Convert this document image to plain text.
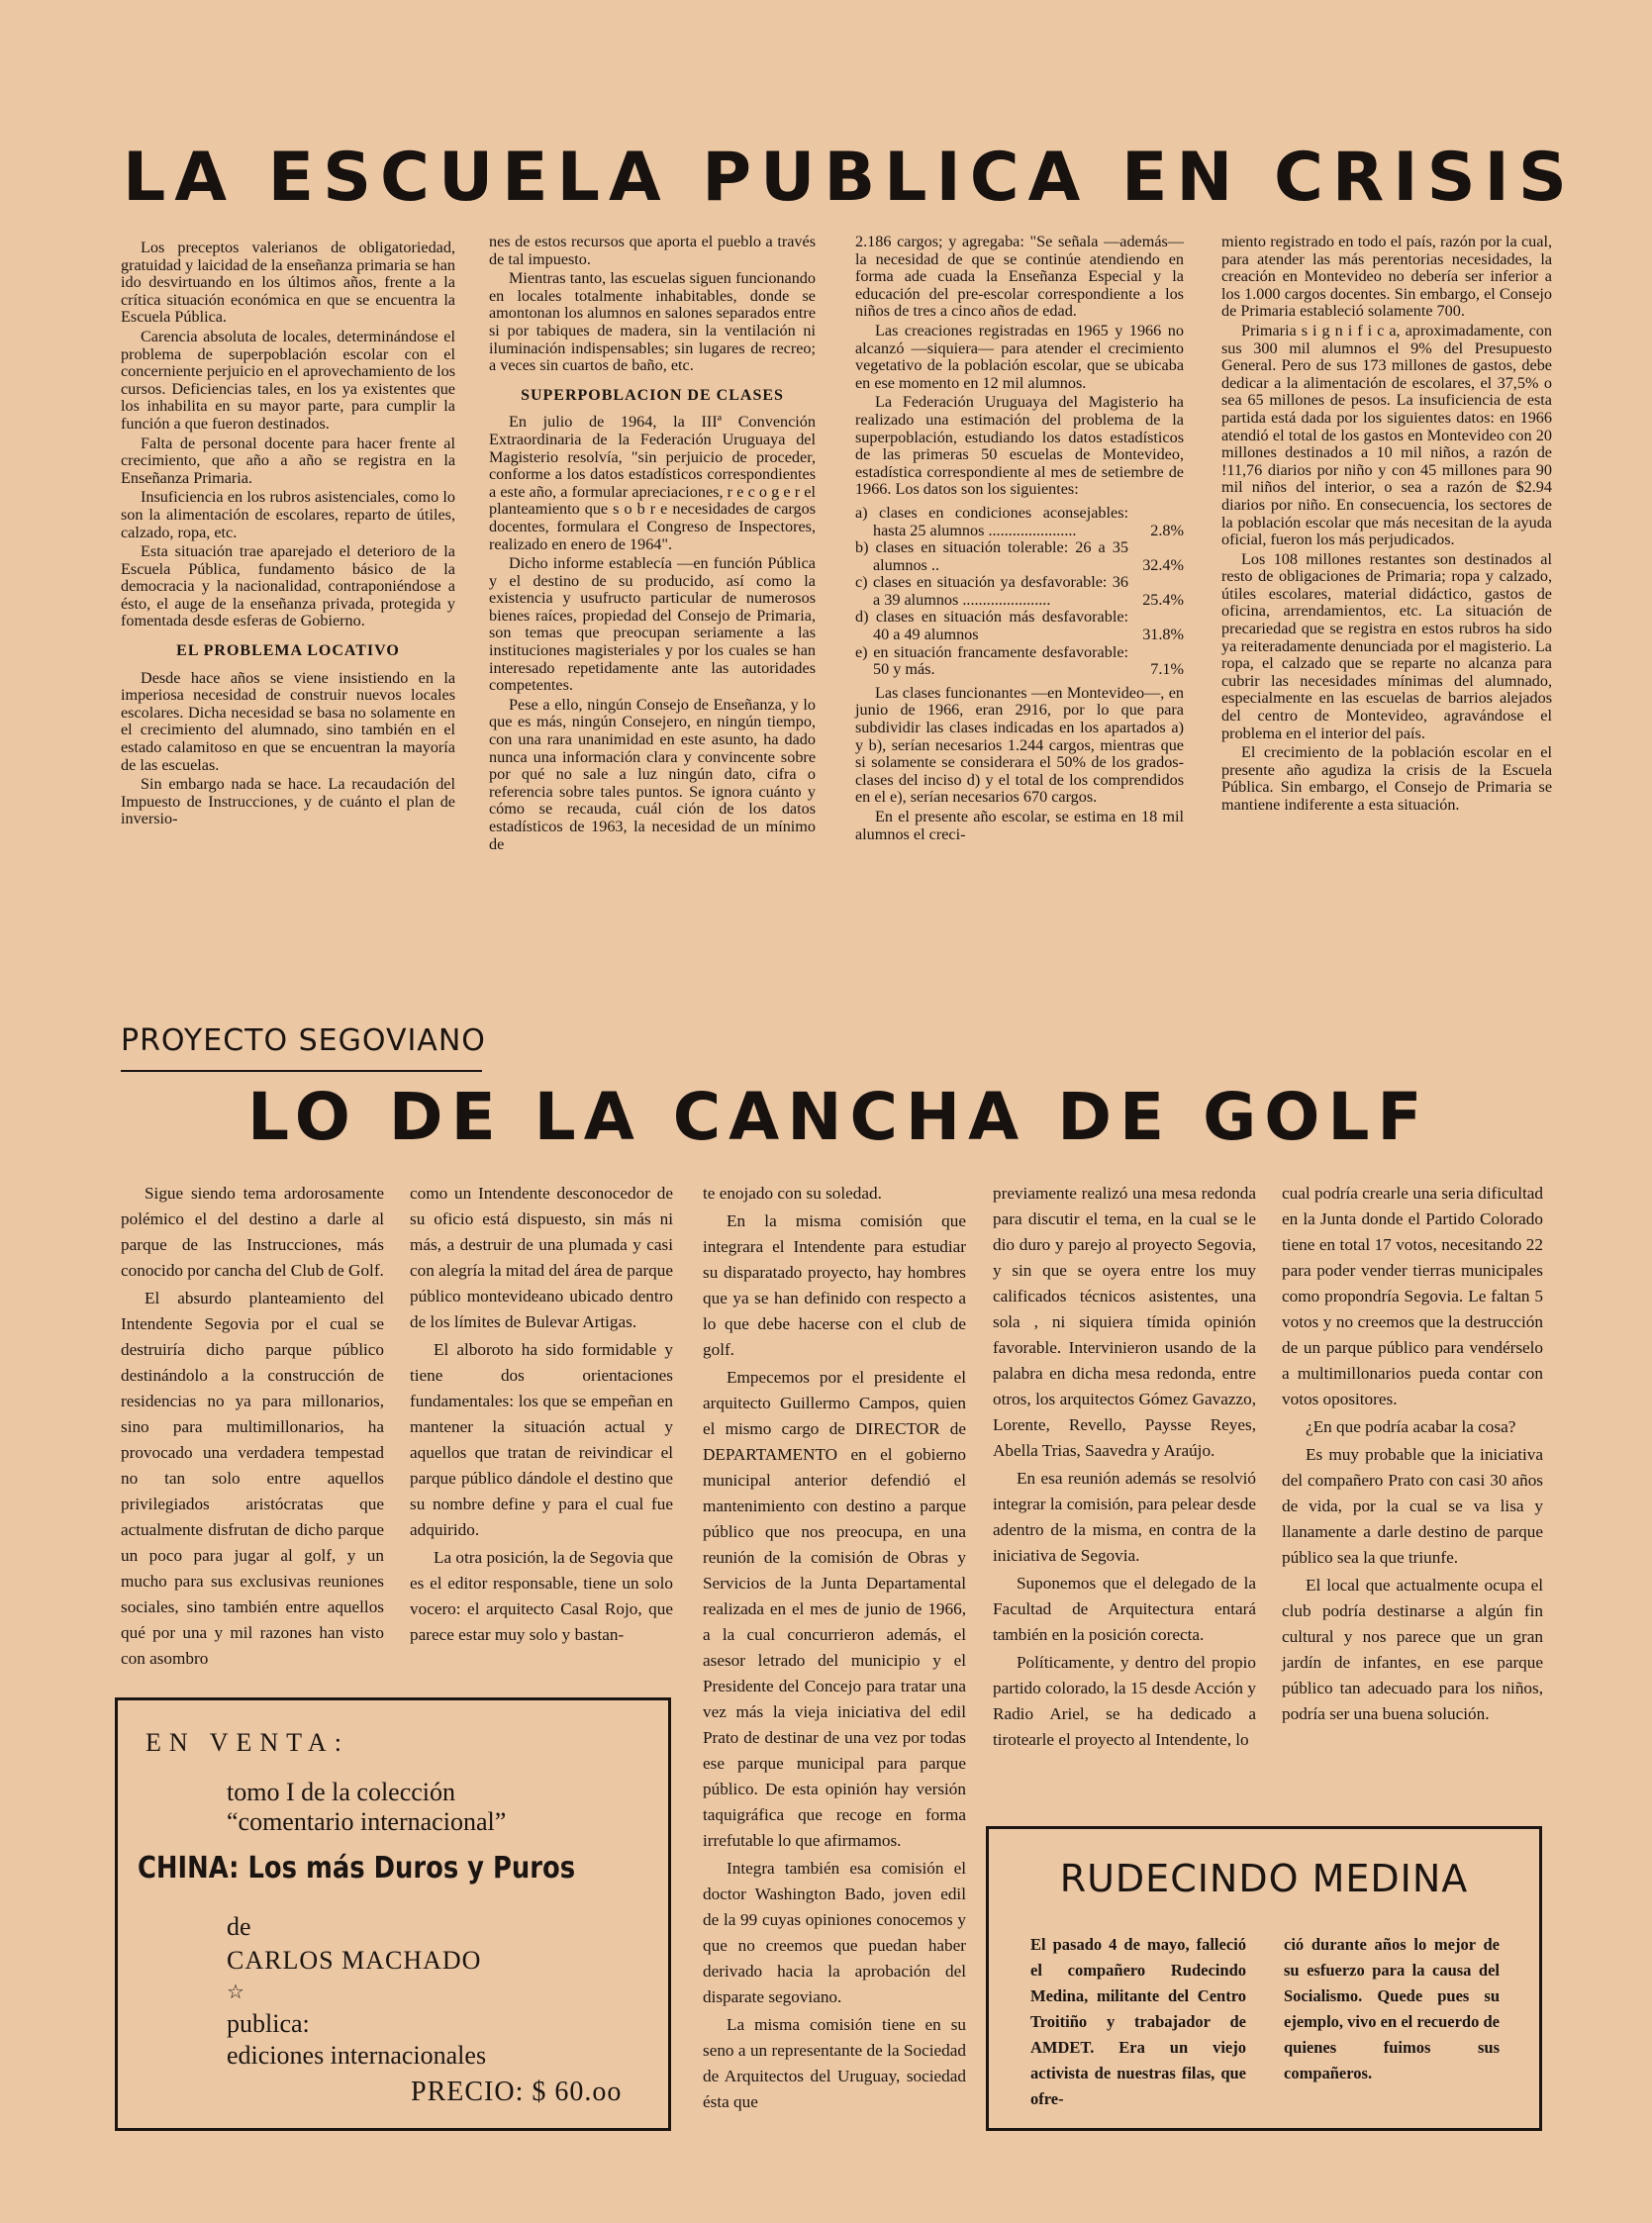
LA ESCUELA PUBLICA EN CRISIS

Los preceptos valerianos de obligatoriedad, gratuidad y laicidad de la enseñanza primaria se han ido desvirtuando en los últimos años, frente a la crítica situación económica en que se encuentra la Escuela Pública.

Carencia absoluta de locales, determinándose el problema de superpoblación escolar con el concerniente perjuicio en el aprovechamiento de los cursos. Deficiencias tales, en los ya existentes que los inhabilita en su mayor parte, para cumplir la función a que fueron destinados.

Falta de personal docente para hacer frente al crecimiento, que año a año se registra en la Enseñanza Primaria.

Insuficiencia en los rubros asistenciales, como lo son la alimentación de escolares, reparto de útiles, calzado, ropa, etc.

Esta situación trae aparejado el deterioro de la Escuela Pública, fundamento básico de la democracia y la nacionalidad, contraponiéndose a ésto, el auge de la enseñanza privada, protegida y fomentada desde esferas de Gobierno.

EL PROBLEMA LOCATIVO

Desde hace años se viene insistiendo en la imperiosa necesidad de construir nuevos locales escolares. Dicha necesidad se basa no solamente en el crecimiento del alumnado, sino también en el estado calamitoso en que se encuentran la mayoría de las escuelas.

Sin embargo nada se hace. La recaudación del Impuesto de Instrucciones, y de cuánto el plan de inversio-

nes de estos recursos que aporta el pueblo a través de tal impuesto.

Mientras tanto, las escuelas siguen funcionando en locales totalmente inhabitables, donde se amontonan los alumnos en salones separados entre si por tabiques de madera, sin la ventilación ni iluminación indispensables; sin lugares de recreo; a veces sin cuartos de baño, etc.

SUPERPOBLACION DE CLASES

En julio de 1964, la IIIª Convención Extraordinaria de la Federación Uruguaya del Magisterio resolvía, "sin perjuicio de proceder, conforme a los datos estadísticos correspondientes a este año, a formular apreciaciones, r e c o g e r el planteamiento que s o b r e necesidades de cargos docentes, formulara el Congreso de Inspectores, realizado en enero de 1964".

Dicho informe establecía —en función Pública y el destino de su producido, así como la existencia y usufructo particular de numerosos bienes raíces, propiedad del Consejo de Primaria, son temas que preocupan seriamente a las instituciones magisteriales y por los cuales se han interesado repetidamente ante las autoridades competentes.

Pese a ello, ningún Consejo de Enseñanza, y lo que es más, ningún Consejero, en ningún tiempo, con una rara unanimidad en este asunto, ha dado nunca una información clara y convincente sobre por qué no sale a luz ningún dato, cifra o referencia sobre tales puntos. Se ignora cuánto y cómo se recauda, cuál ción de los datos estadísticos de 1963, la necesidad de un mínimo de

2.186 cargos; y agregaba: "Se señala —además— la necesidad de que se continúe atendiendo en forma ade cuada la Enseñanza Especial y la educación del pre-escolar correspondiente a los niños de tres a cinco años de edad.

Las creaciones registradas en 1965 y 1966 no alcanzó —siquiera— para atender el crecimiento vegetativo de la población escolar, que se ubicaba en ese momento en 12 mil alumnos.

La Federación Uruguaya del Magisterio ha realizado una estimación del problema de la superpoblación, estudiando los datos estadísticos de las primeras 50 escuelas de Montevideo, estadística correspondiente al mes de setiembre de 1966. Los datos son los siguientes:

a) clases en condiciones aconsejables: hasta 25 alumnos ......................	2.8%
b) clases en situación tolerable: 26 a 35 alumnos ..	32.4%
c) clases en situación ya desfavorable: 36 a 39 alumnos ......................	25.4%
d) clases en situación más desfavorable: 40 a 49 alumnos	31.8%
e) en situación francamente desfavorable: 50 y más.	7.1%

Las clases funcionantes —en Montevideo—, en junio de 1966, eran 2916, por lo que para subdividir las clases indicadas en los apartados a) y b), serían necesarios 1.244 cargos, mientras que si solamente se considerara el 50% de los grados-clases del inciso d) y el total de los comprendidos en el e), serían necesarios 670 cargos.

En el presente año escolar, se estima en 18 mil alumnos el creci-

miento registrado en todo el país, razón por la cual, para atender las más perentorias necesidades, la creación en Montevideo no debería ser inferior a los 1.000 cargos docentes. Sin embargo, el Consejo de Primaria estableció solamente 700.

Primaria s i g n i f i c a, aproximadamente, con sus 300 mil alumnos el 9% del Presupuesto General. Pero de sus 173 millones de gastos, debe dedicar a la alimentación de escolares, el 37,5% o sea 65 millones de pesos. La insuficiencia de esta partida está dada por los siguientes datos: en 1966 atendió el total de los gastos en Montevideo con 20 millones destinados a 10 mil niños, a razón de !11,76 diarios por niño y con 45 millones para 90 mil niños del interior, o sea a razón de $2.94 diarios por niño. En consecuencia, los sectores de la población escolar que más necesitan de la ayuda oficial, fueron los más perjudicados.

Los 108 millones restantes son destinados al resto de obligaciones de Primaria; ropa y calzado, útiles escolares, material didáctico, gastos de oficina, arrendamientos, etc. La situación de precariedad que se registra en estos rubros ha sido ya reiteradamente denunciada por el magisterio. La ropa, el calzado que se reparte no alcanza para cubrir las necesidades mínimas del alumnado, especialmente en las escuelas de barrios alejados del centro de Montevideo, agravándose el problema en el interior del país.

El crecimiento de la población escolar en el presente año agudiza la crisis de la Escuela Pública. Sin embargo, el Consejo de Primaria se mantiene indiferente a esta situación.

PROYECTO SEGOVIANO

LO DE LA CANCHA DE GOLF

Sigue siendo tema ardorosamente polémico el del destino a darle al parque de las Instrucciones, más conocido por cancha del Club de Golf.

El absurdo planteamiento del Intendente Segovia por el cual se destruiría dicho parque público destinándolo a la construcción de residencias no ya para millonarios, sino para multimillonarios, ha provocado una verdadera tempestad no tan solo entre aquellos privilegiados aristócratas que actualmente disfrutan de dicho parque un poco para jugar al golf, y un mucho para sus exclusivas reuniones sociales, sino también entre aquellos qué por una y mil razones han visto con asombro

como un Intendente desconocedor de su oficio está dispuesto, sin más ni más, a destruir de una plumada y casi con alegría la mitad del área de parque público montevideano ubicado dentro de los límites de Bulevar Artigas.

El alboroto ha sido formidable y tiene dos orientaciones fundamentales: los que se empeñan en mantener la situación actual y aquellos que tratan de reivindicar el parque público dándole el destino que su nombre define y para el cual fue adquirido.

La otra posición, la de Segovia que es el editor responsable, tiene un solo vocero: el arquitecto Casal Rojo, que parece estar muy solo y bastan-

te enojado con su soledad.

En la misma comisión que integrara el Intendente para estudiar su disparatado proyecto, hay hombres que ya se han definido con respecto a lo que debe hacerse con el club de golf.

Empecemos por el presidente el arquitecto Guillermo Campos, quien el mismo cargo de DIRECTOR de DEPARTAMENTO en el gobierno municipal anterior defendió el mantenimiento con destino a parque público que nos preocupa, en una reunión de la comisión de Obras y Servicios de la Junta Departamental realizada en el mes de junio de 1966, a la cual concurrieron además, el asesor letrado del municipio y el Presidente del Concejo para tratar una vez más la vieja iniciativa del edil Prato de destinar de una vez por todas ese parque municipal para parque público. De esta opinión hay versión taquigráfica que recoge en forma irrefutable lo que afirmamos.

Integra también esa comisión el doctor Washington Bado, joven edil de la 99 cuyas opiniones conocemos y que no creemos que puedan haber derivado hacia la aprobación del disparate segoviano.

La misma comisión tiene en su seno a un representante de la Sociedad de Arquitectos del Uruguay, sociedad ésta que

previamente realizó una mesa redonda para discutir el tema, en la cual se le dio duro y parejo al proyecto Segovia, y sin que se oyera entre los muy calificados técnicos asistentes, una sola , ni siquiera tímida opinión favorable. Intervinieron usando de la palabra en dicha mesa redonda, entre otros, los arquitectos Gómez Gavazzo, Lorente, Revello, Paysse Reyes, Abella Trias, Saavedra y Araújo.

En esa reunión además se resolvió integrar la comisión, para pelear desde adentro de la misma, en contra de la iniciativa de Segovia.

Suponemos que el delegado de la Facultad de Arquitectura entará también en la posición corecta.

Políticamente, y dentro del propio partido colorado, la 15 desde Acción y Radio Ariel, se ha dedicado a tirotearle el proyecto al Intendente, lo

cual podría crearle una seria dificultad en la Junta donde el Partido Colorado tiene en total 17 votos, necesitando 22 para poder vender tierras municipales como propondría Segovia. Le faltan 5 votos y no creemos que la destrucción de un parque público para vendérselo a multimillonarios pueda contar con votos opositores.

¿En que podría acabar la cosa?

Es muy probable que la iniciativa del compañero Prato con casi 30 años de vida, por la cual se va lisa y llanamente a darle destino de parque público sea la que triunfe.

El local que actualmente ocupa el club podría destinarse a algún fin cultural y nos parece que un gran jardín de infantes, en ese parque público tan adecuado para los niños, podría ser una buena solución.

EN VENTA:
tomo I de la colección
“comentario internacional”
CHINA: Los más Duros y Puros
de
CARLOS MACHADO
☆
publica:
ediciones internacionales
PRECIO: $ 60.oo
RUDECINDO MEDINA
El pasado 4 de mayo, falleció el compañero Rudecindo Medina, militante del Centro Troitiño y trabajador de AMDET. Era un viejo activista de nuestras filas, que ofre-
ció durante años lo mejor de su esfuerzo para la causa del Socialismo. Quede pues su ejemplo, vivo en el recuerdo de quienes fuimos sus compañeros.
